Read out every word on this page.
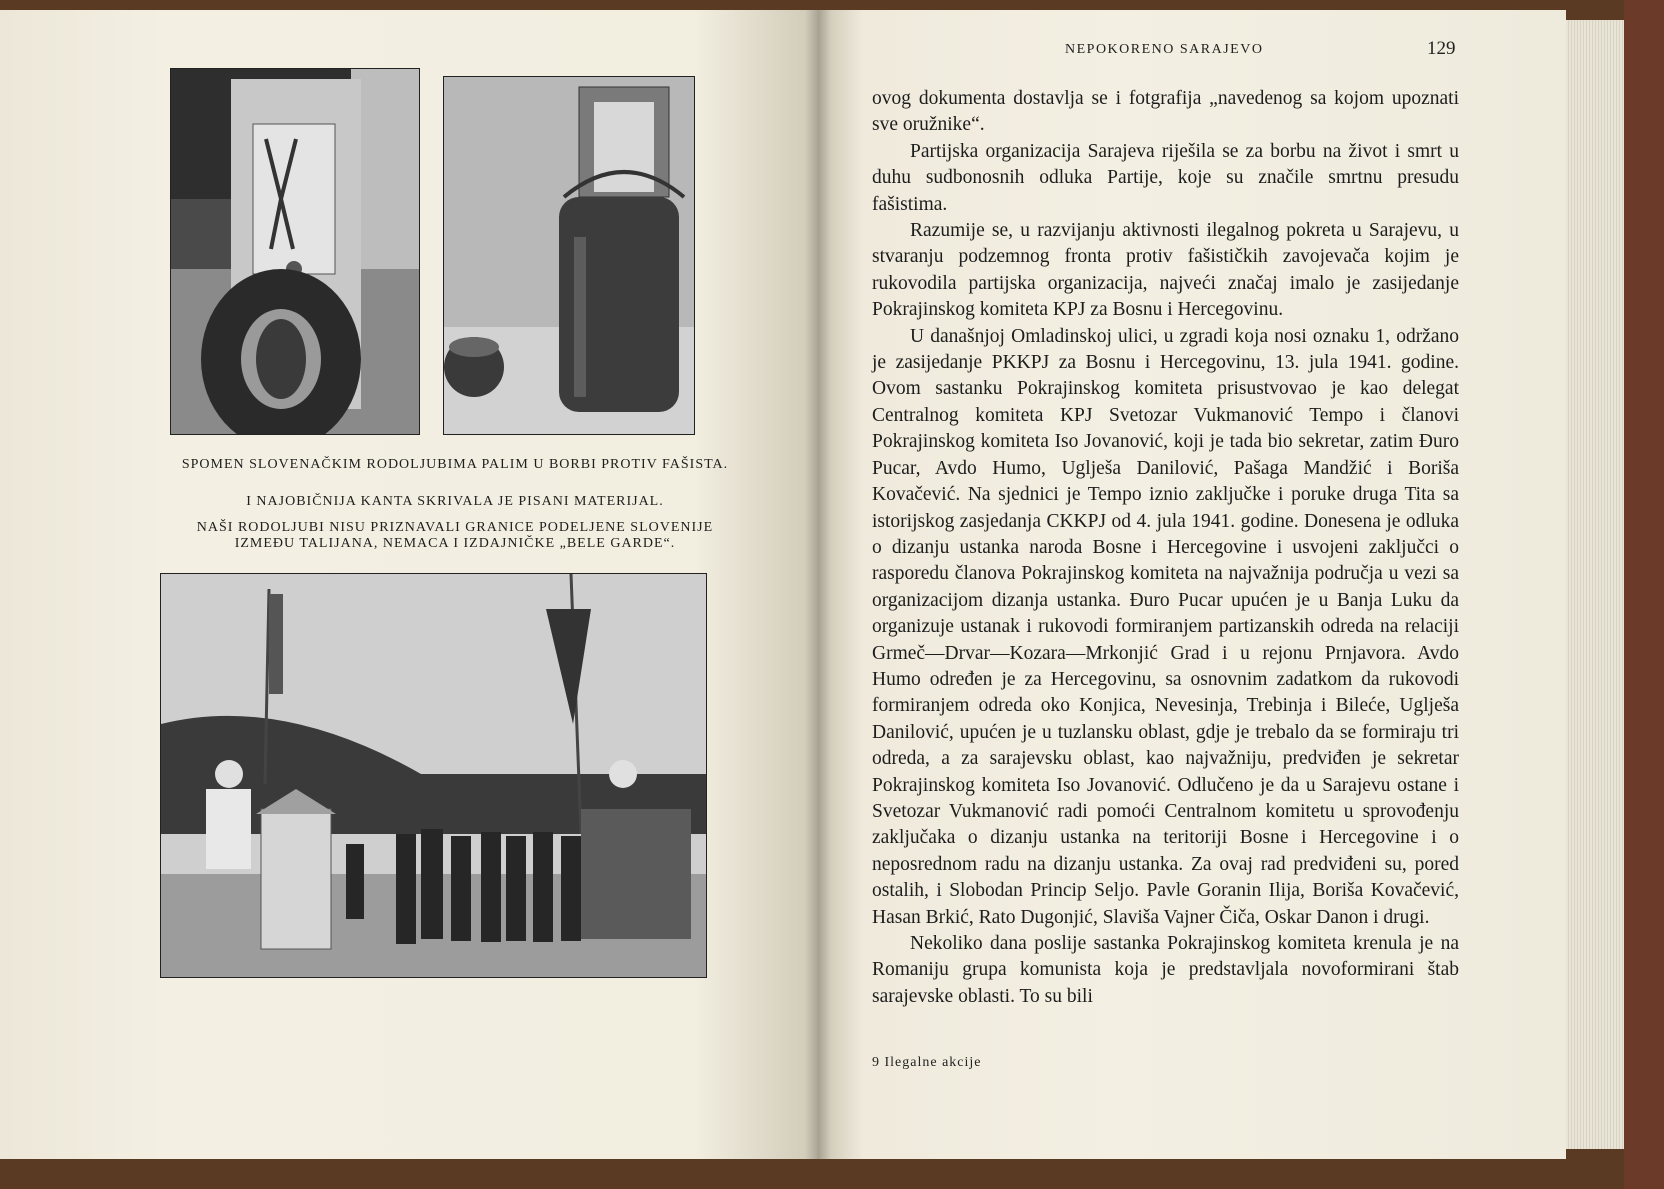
SPOMEN SLOVENAČKIM RODOLJUBIMA PALIM U BORBI PROTIV FAŠISTA.
I NAJOBIČNIJA KANTA SKRIVALA JE PISANI MATERIJAL.
NAŠI RODOLJUBI NISU PRIZNAVALI GRANICE PODELJENE SLOVENIJE IZMEĐU TALIJANA, NEMACA I IZDAJNIČKE „BELE GARDE“.
NEPOKORENO SARAJEVO	129

ovog dokumenta dostavlja se i fotgrafija „navedenog sa kojom upoznati sve oružnike“.

Partijska organizacija Sarajeva riješila se za borbu na život i smrt u duhu sudbonosnih odluka Partije, koje su značile smrtnu presudu fašistima.

Razumije se, u razvijanju aktivnosti ilegalnog pokreta u Sarajevu, u stvaranju podzemnog fronta protiv fašističkih zavojevača kojim je rukovodila partijska organizacija, najveći značaj imalo je zasijedanje Pokrajinskog komiteta KPJ za Bosnu i Hercegovinu.

U današnjoj Omladinskoj ulici, u zgradi koja nosi oznaku 1, održano je zasijedanje PKKPJ za Bosnu i Hercegovinu, 13. jula 1941. godine. Ovom sastanku Pokrajinskog komiteta prisustvovao je kao delegat Centralnog komiteta KPJ Svetozar Vukmanović Tempo i članovi Pokrajinskog komiteta Iso Jovanović, koji je tada bio sekretar, zatim Đuro Pucar, Avdo Humo, Uglješa Danilović, Pašaga Mandžić i Boriša Kovačević. Na sjednici je Tempo iznio zaključke i poruke druga Tita sa istorijskog zasjedanja CKKPJ od 4. jula 1941. godine. Donesena je odluka o dizanju ustanka naroda Bosne i Hercegovine i usvojeni zaključci o rasporedu članova Pokrajinskog komiteta na najvažnija područja u vezi sa organizacijom dizanja ustanka. Đuro Pucar upućen je u Banja Luku da organizuje ustanak i rukovodi formiranjem partizanskih odreda na relaciji Grmeč—Drvar—Kozara—Mrkonjić Grad i u rejonu Prnjavora. Avdo Humo određen je za Hercegovinu, sa osnovnim zadatkom da rukovodi formiranjem odreda oko Konjica, Nevesinja, Trebinja i Bileće, Uglješa Danilović, upućen je u tuzlansku oblast, gdje je trebalo da se formiraju tri odreda, a za sarajevsku oblast, kao najvažniju, predviđen je sekretar Pokrajinskog komiteta Iso Jovanović. Odlučeno je da u Sarajevu ostane i Svetozar Vukmanović radi pomoći Centralnom komitetu u sprovođenju zaključaka o dizanju ustanka na teritoriji Bosne i Hercegovine i o neposrednom radu na dizanju ustanka. Za ovaj rad predviđeni su, pored ostalih, i Slobodan Princip Seljo. Pavle Goranin Ilija, Boriša Kovačević, Hasan Brkić, Rato Dugonjić, Slaviša Vajner Čiča, Oskar Danon i drugi.

Nekoliko dana poslije sastanka Pokrajinskog komiteta krenula je na Romaniju grupa komunista koja je predstavljala novoformirani štab sarajevske oblasti. To su bili

9 Ilegalne akcije
